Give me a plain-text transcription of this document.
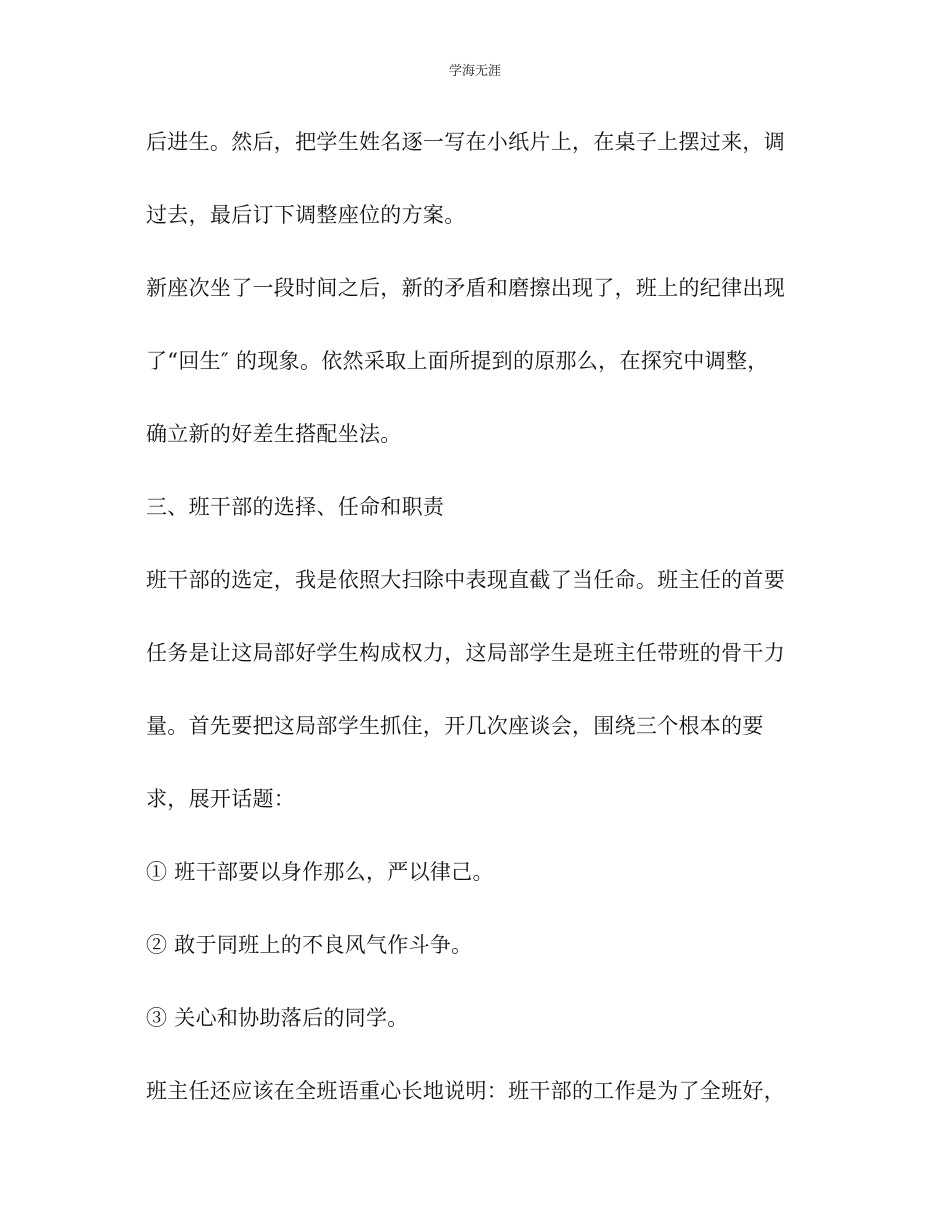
学海无涯
后进生。然后，把学生姓名逐一写在小纸片上，在桌子上摆过来，调
过去，最后订下调整座位的方案。
新座次坐了一段时间之后，新的矛盾和磨擦出现了，班上的纪律出现
了“回生″ 的现象。依然采取上面所提到的原那么，在探究中调整，
确立新的好差生搭配坐法。
三、班干部的选择、任命和职责
班干部的选定，我是依照大扫除中表现直截了当任命。班主任的首要
任务是让这局部好学生构成权力，这局部学生是班主任带班的骨干力
量。首先要把这局部学生抓住，开几次座谈会，围绕三个根本的要
求，展开话题：
① 班干部要以身作那么，严以律己。
② 敢于同班上的不良风气作斗争。
③ 关心和协助落后的同学。
班主任还应该在全班语重心长地说明：班干部的工作是为了全班好，
